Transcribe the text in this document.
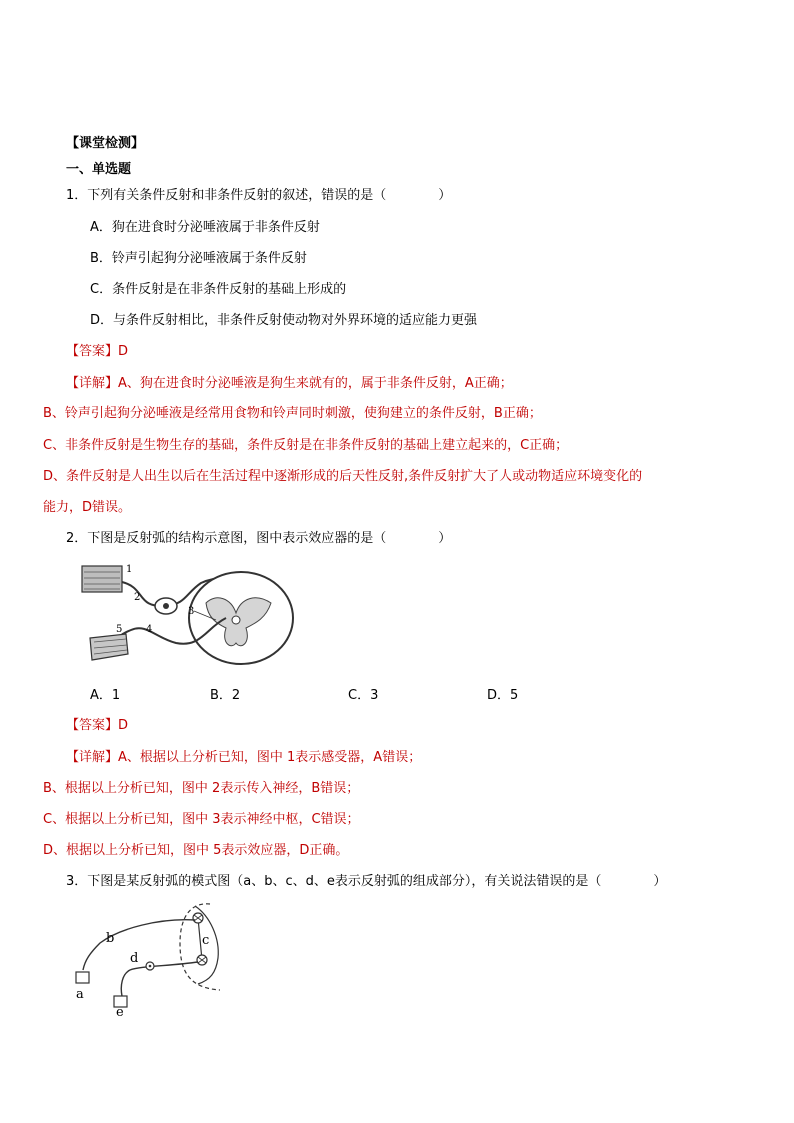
【课堂检测】
一、单选题
1．下列有关条件反射和非条件反射的叙述，错误的是（　　　　）
A．狗在进食时分泌唾液属于非条件反射
B．铃声引起狗分泌唾液属于条件反射
C．条件反射是在非条件反射的基础上形成的
D．与条件反射相比，非条件反射使动物对外界环境的适应能力更强
【答案】D
【详解】A、狗在进食时分泌唾液是狗生来就有的，属于非条件反射，A正确；
B、铃声引起狗分泌唾液是经常用食物和铃声同时刺激，使狗建立的条件反射，B正确；
C、非条件反射是生物生存的基础，条件反射是在非条件反射的基础上建立起来的，C正确；
D、条件反射是人出生以后在生活过程中逐渐形成的后天性反射,条件反射扩大了人或动物适应环境变化的
能力，D错误。
2．下图是反射弧的结构示意图，图中表示效应器的是（　　　　）
1
2
3
4
5
A．1	B．2	C．3	D．5
【答案】D
【详解】A、根据以上分析已知，图中 1表示感受器，A错误；
B、根据以上分析已知，图中 2表示传入神经，B错误；
C、根据以上分析已知，图中 3表示神经中枢，C错误；
D、根据以上分析已知，图中 5表示效应器，D正确。
3．下图是某反射弧的模式图（a、b、c、d、e表示反射弧的组成部分），有关说法错误的是（　　　　）
a
b	c
d
e
